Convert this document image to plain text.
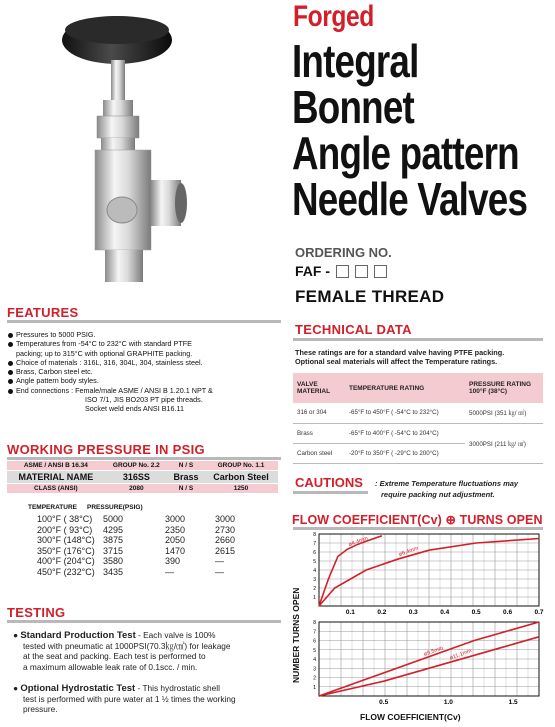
Forged
Integral
Bonnet
Angle pattern
Needle Valves
ORDERING NO.
FAF -
FEMALE THREAD
FEATURES
Pressures to 5000 PSIG.
Temperatures from -54°C to 232°C with standard PTFE
packing; up to 315°C with optional GRAPHITE packing.
Choice of materials : 316L, 316, 304L, 304, stainless steel.
Brass, Carbon steel etc.
Angle pattern body styles.
End connections : Female/male ASME / ANSI B 1.20.1 NPT &
ISO 7/1, JIS BO203 PT pipe threads.
Socket weld ends ANSI B16.11
WORKING PRESSURE IN PSIG
ASME / ANSI B 16.34	GROUP No. 2.2	N / S	GROUP No. 1.1
MATERIAL NAME	316SS	Brass	Carbon Steel
CLASS (ANSI)	2080	N / S	1250
TEMPERATURE PRESSURE(PSIG)
100°F ( 38°C)	5000	3000	3000
200°F ( 93°C)	4295	2350	2730
300°F (148°C) 3875	2050	2660
350°F (176°C) 3715	1470	2615
400°F (204°C) 3580	390	—
450°F (232°C) 3435	—	—
TESTING
● Standard Production Test - Each valve is 100%
tested with pneumatic at 1000PSI(70.3㎏/㎠) for leakage
at the seat and packing. Each test is performed to
a maximum allowable leak rate of 0.1scc. / min.
● Optional Hydrostatic Test - This hydrostatic shell
test is performed with pure water at 1 ½ times the working
pressure.
TECHNICAL DATA
These ratings are for a standard valve having PTFE packing.
Optional seal materials will affect the Temperature ratings.
VALVE MATERIAL	TEMPERATURE RATING	PRESSURE RATING 100°F (38°C)
316 or 304	-65°F to 450°F ( -54°C to 232°C)	5000PSI (351 ㎏/ ㎠)
Brass	-65°F to 400°F ( -54°C to 204°C)	3000PSI (211 ㎏/ ㎠)
Carbon steel	-20°F to 350°F ( -29°C to 200°C)	
CAUTIONS : Extreme Temperature fluctuations may
require packing nut adjustment.
FLOW COEFFICIENT(Cv) ⊕ TURNS OPEN
NUMBER TURNS OPEN
FLOW COEFFICIENT(Cv)
1
2
3
4
5
6
7
8
0.1	0.2	0.3	0.4	0.5	0.6	0.7
ø4.4mm
ø6.4mm
1
2
3
4
5
6
7
8
0.5	1.0	1.5
ø9.5mm ø11.1mm
